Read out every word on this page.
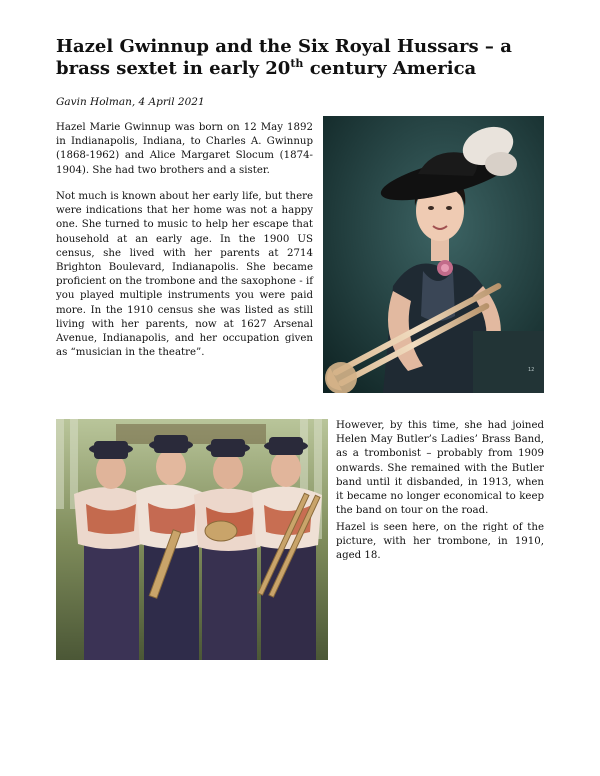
Hazel Gwinnup and the Six Royal Hussars – a brass sextet in early 20th century America

Gavin Holman, 4 April 2021

Hazel Marie Gwinnup was born on 12 May 1892 in Indianapolis, Indiana, to Charles A. Gwinnup (1868-1962) and Alice Margaret Slocum (1874-1904). She had two brothers and a sister.

Not much is known about her early life, but there were indications that her home was not a happy one. She turned to music to help her escape that household at an early age. In the 1900 US census, she lived with her parents at 2714 Brighton Boulevard, Indianapolis. She became proficient on the trombone and the saxophone - if you played multiple instruments you were paid more. In the 1910 census she was listed as still living with her parents, now at 1627 Arsenal Avenue, Indianapolis, and her occupation given as “musician in the theatre”.

12

However, by this time, she had joined Helen May Butler’s Ladies’ Brass Band, as a trombonist – probably from 1909 onwards. She remained with the Butler band until it disbanded, in 1913, when it became no longer economical to keep the band on tour on the road.

Hazel is seen here, on the right of the picture, with her trombone, in 1910, aged 18.
